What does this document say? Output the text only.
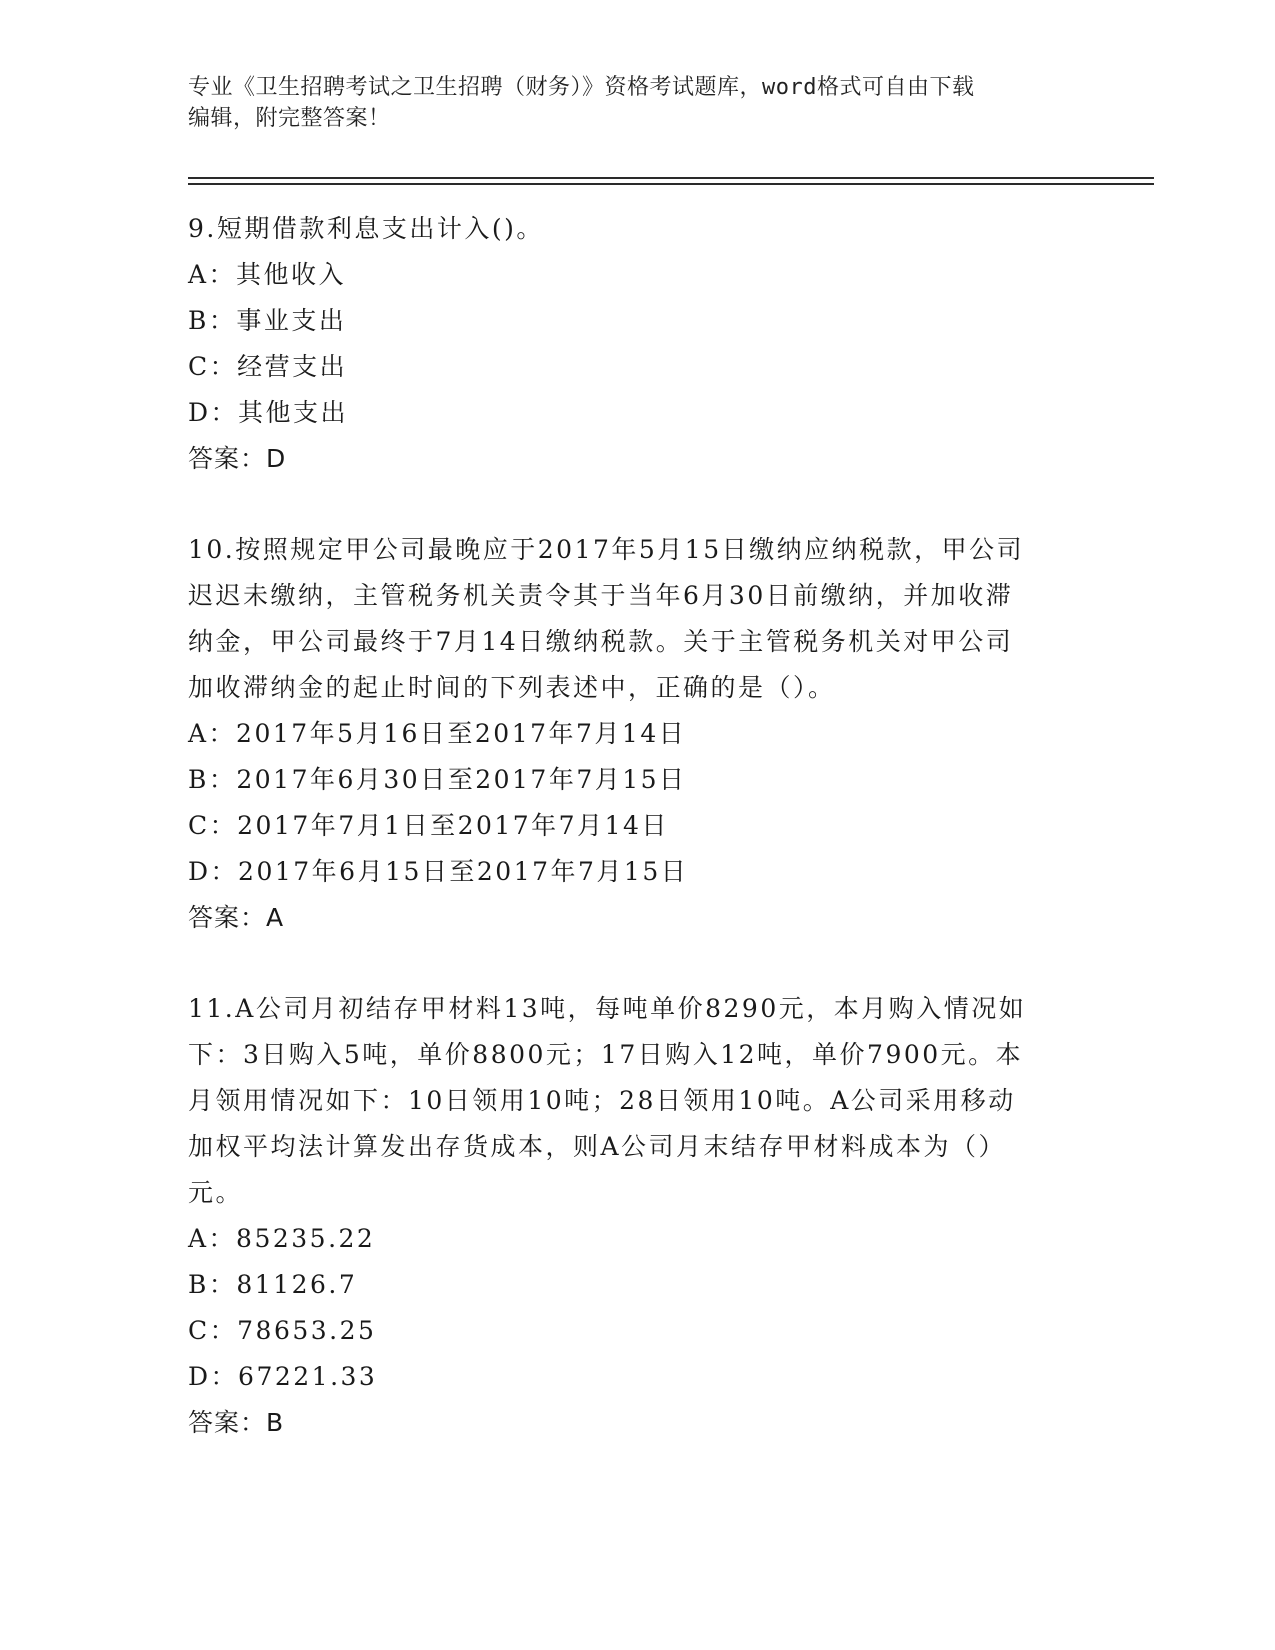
专业《卫生招聘考试之卫生招聘（财务）》资格考试题库，word格式可自由下载
编辑，附完整答案！
9.短期借款利息支出计入()。
A：其他收入
B：事业支出
C：经营支出
D：其他支出
答案：D
10.按照规定甲公司最晚应于2017年5月15日缴纳应纳税款，甲公司
迟迟未缴纳，主管税务机关责令其于当年6月30日前缴纳，并加收滞
纳金，甲公司最终于7月14日缴纳税款。关于主管税务机关对甲公司
加收滞纳金的起止时间的下列表述中，正确的是（）。
A：2017年5月16日至2017年7月14日
B：2017年6月30日至2017年7月15日
C：2017年7月1日至2017年7月14日
D：2017年6月15日至2017年7月15日
答案：A
11.A公司月初结存甲材料13吨，每吨单价8290元，本月购入情况如
下：3日购入5吨，单价8800元；17日购入12吨，单价7900元。本
月领用情况如下：10日领用10吨；28日领用10吨。A公司采用移动
加权平均法计算发出存货成本，则A公司月末结存甲材料成本为（）
元。
A：85235.22
B：81126.7
C：78653.25
D：67221.33
答案：B
